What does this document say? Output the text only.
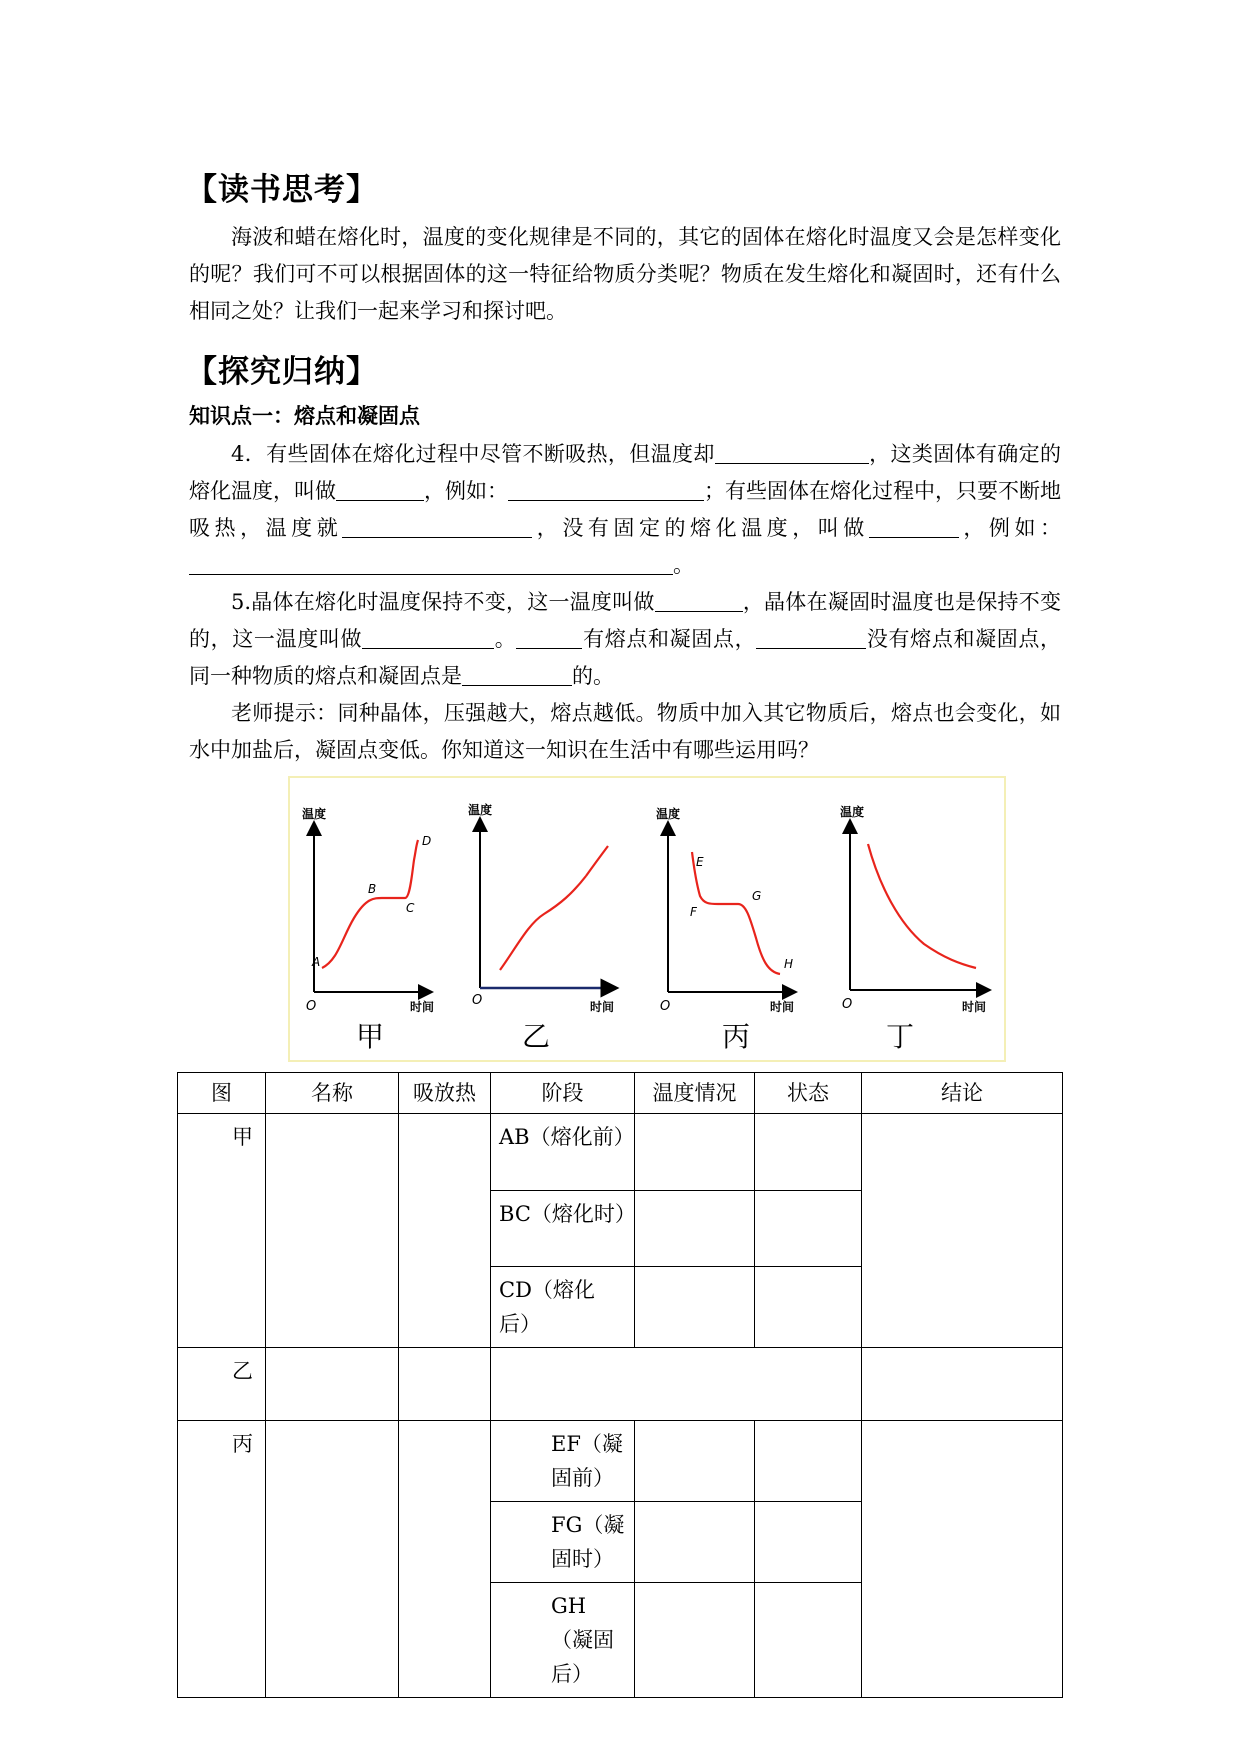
【读书思考】
海波和蜡在熔化时，温度的变化规律是不同的，其它的固体在熔化时温度又会是怎样变化的呢？我们可不可以根据固体的这一特征给物质分类呢？物质在发生熔化和凝固时，还有什么相同之处？让我们一起来学习和探讨吧。
【探究归纳】
知识点一：熔点和凝固点
4．有些固体在熔化过程中尽管不断吸热，但温度却	，这类固体有确定的熔化温度，叫做	，例如：	；有些固体在熔化过程中，只要不断地吸热，温度就	，没有固定的熔化温度，叫做	，例如：。
5.晶体在熔化时温度保持不变，这一温度叫做	，晶体在凝固时温度也是保持不变的，这一温度叫做	。	有熔点和凝固点，	没有熔点和凝固点，同一种物质的熔点和凝固点是	的。
老师提示：同种晶体，压强越大，熔点越低。物质中加入其它物质后，熔点也会变化，如水中加盐后，凝固点变低。你知道这一知识在生活中有哪些运用吗？
温度
时间
O
A
B
C
D
甲
温度
时间
O
乙
温度
时间
O
E
F
G
H
丙
温度
时间
O
丁
图	名称	吸放热	阶段	温度情况	状态	结论
甲			AB（熔化前）			
			BC（熔化时）			
			CD（熔化后）			
乙						
丙			EF（凝固前）			
			FG（凝固时）			
			GH（凝固后）			
